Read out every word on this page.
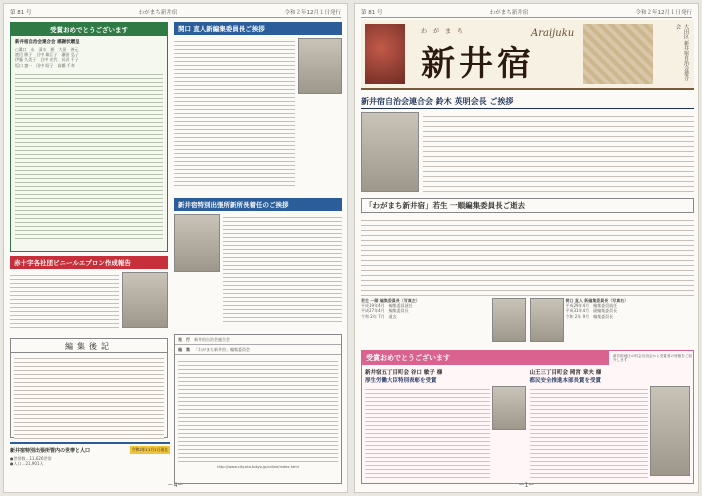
第 81 号	わがまち新井宿	令和２年12月１日発行
受賞おめでとうございます
新井宿自治会連合会 感謝状贈呈
○溝口　永　清水　勝　大田　善元
渡辺 勝子　日中 雄江子　瀬田 弘子
伊藤 久美子　日中 光代　長沢 千子
坂口 憲一　田中 昭子　高橋 千寿
赤十字各社団ビニールエプロン作成報告
編集後記
新井宿特別出張所管内の世帯と人口	令和2年11月1日現在
●世帯数…11,626世帯
●人口…21,901人
関口 直人新編集委員長ご挨拶
新井宿特別出張所新所長着任のご挨拶
発　行 新井宿自治会連合会
編　集 「わがまち新井宿」編集委員会
http://www.city.ota.tokyo.jp/online/index.html
ー4ー
第 81 号	わがまち新井宿	令和２年12月１日発行
わがまち
新井宿
Araijuku	大田区 新井宿自治会連合会
新井宿自治会連合会 鈴木 英明会長 ご挨拶
「わがまち新井宿」若生 一順編集委員長ご逝去
若生 一順 編集委員長（写真左）
平成19年4月　編集委員就任
平成27年4月　編集委員長
令和 2年 7月　逝去
関口 直人 新編集委員長（写真右）
平成29年4月　編集委員就任
平成31年4月　副編集委員長
令和 2年 9月　編集委員長
受賞おめでとうございます	新井宿地区の町会自治会から受賞者の皆様をご紹介します
新井宿五丁目町会 谷口 敏子 様
厚生労働大臣特別表彰を受賞
山王三丁目町会 岡宮 章夫 様
都民安全推進本部長賞を受賞
ー1ー
